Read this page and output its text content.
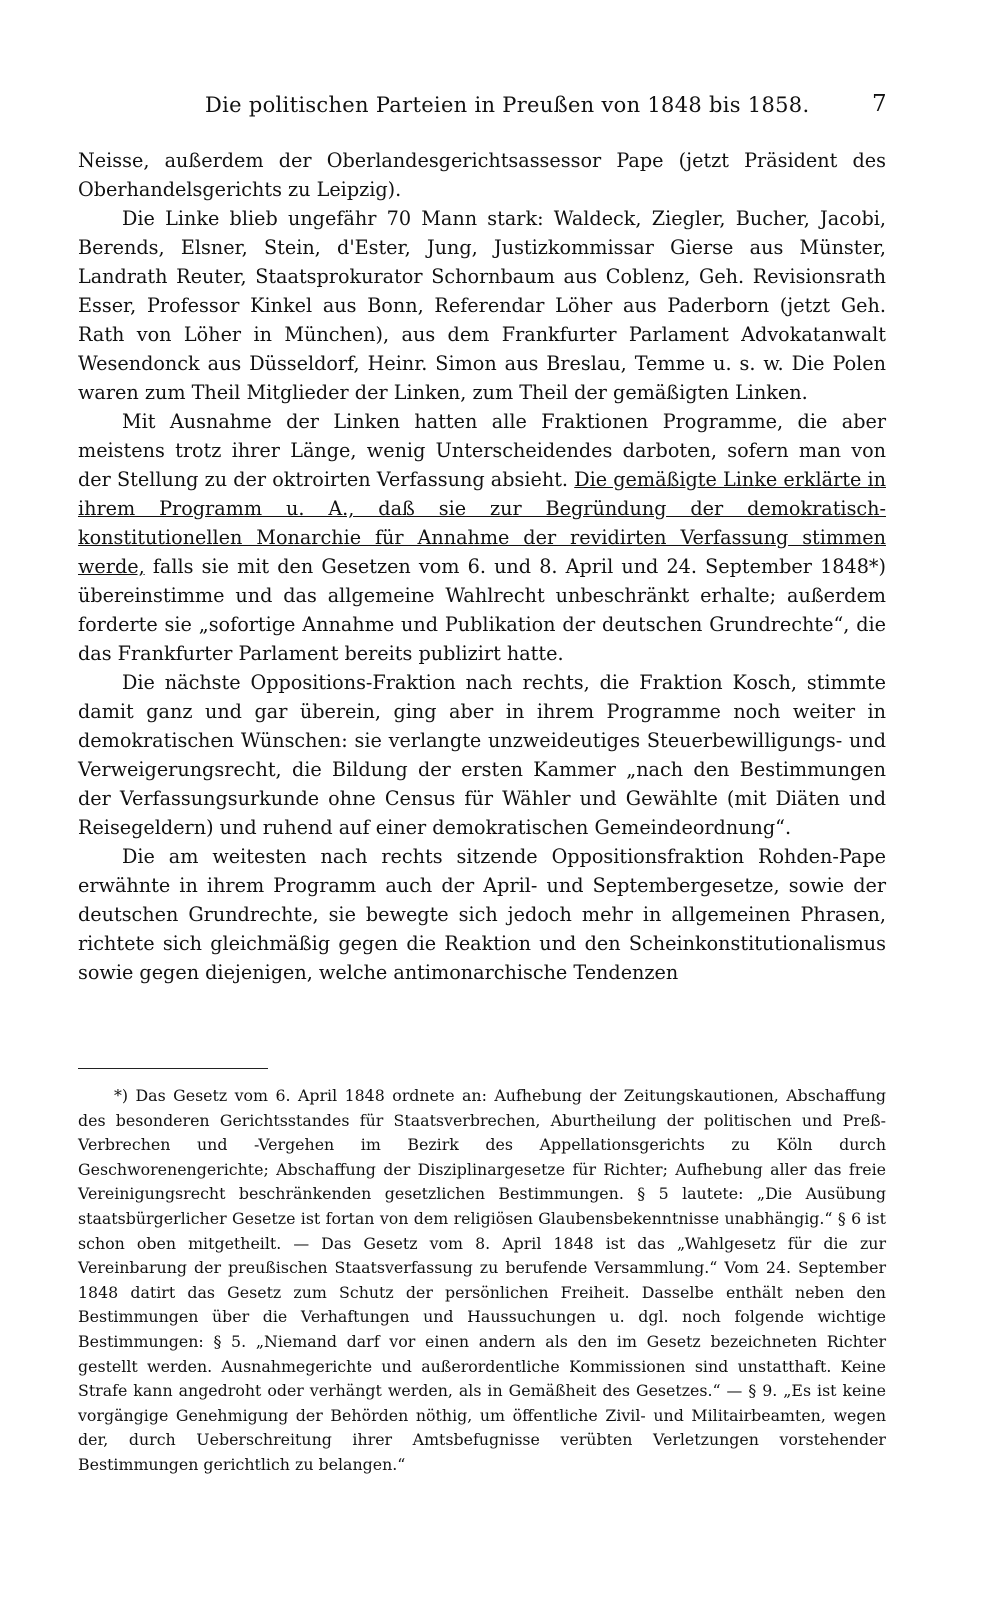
Die politischen Parteien in Preußen von 1848 bis 1858.	7

Neisse, außerdem der Oberlandesgerichtsassessor Pape (jetzt Präsident des Oberhandelsgerichts zu Leipzig).

Die Linke blieb ungefähr 70 Mann stark: Waldeck, Ziegler, Bucher, Jacobi, Berends, Elsner, Stein, d'Ester, Jung, Justizkommissar Gierse aus Münster, Landrath Reuter, Staatsprokurator Schornbaum aus Coblenz, Geh. Revisionsrath Esser, Professor Kinkel aus Bonn, Referendar Löher aus Paderborn (jetzt Geh. Rath von Löher in München), aus dem Frankfurter Parlament Advokatanwalt Wesendonck aus Düsseldorf, Heinr. Simon aus Breslau, Temme u. s. w. Die Polen waren zum Theil Mitglieder der Linken, zum Theil der gemäßigten Linken.

Mit Ausnahme der Linken hatten alle Fraktionen Programme, die aber meistens trotz ihrer Länge, wenig Unterscheidendes darboten, sofern man von der Stellung zu der oktroirten Verfassung absieht. Die gemäßigte Linke erklärte in ihrem Programm u. A., daß sie zur Begründung der demokratisch-konstitutionellen Monarchie für Annahme der revidirten Verfassung stimmen werde, falls sie mit den Gesetzen vom 6. und 8. April und 24. September 1848*) übereinstimme und das allgemeine Wahlrecht unbeschränkt erhalte; außerdem forderte sie „sofortige Annahme und Publikation der deutschen Grundrechte“, die das Frankfurter Parlament bereits publizirt hatte.

Die nächste Oppositions-Fraktion nach rechts, die Fraktion Kosch, stimmte damit ganz und gar überein, ging aber in ihrem Programme noch weiter in demokratischen Wünschen: sie verlangte unzweideutiges Steuerbewilligungs- und Verweigerungsrecht, die Bildung der ersten Kammer „nach den Bestimmungen der Verfassungsurkunde ohne Census für Wähler und Gewählte (mit Diäten und Reisegeldern) und ruhend auf einer demokratischen Gemeindeordnung“.

Die am weitesten nach rechts sitzende Oppositionsfraktion Rohden-Pape erwähnte in ihrem Programm auch der April- und Septembergesetze, sowie der deutschen Grundrechte, sie bewegte sich jedoch mehr in allgemeinen Phrasen, richtete sich gleichmäßig gegen die Reaktion und den Scheinkonstitutionalismus sowie gegen diejenigen, welche antimonarchische Tendenzen

*) Das Gesetz vom 6. April 1848 ordnete an: Aufhebung der Zeitungskautionen, Abschaffung des besonderen Gerichtsstandes für Staatsverbrechen, Aburtheilung der politischen und Preß-Verbrechen und -Vergehen im Bezirk des Appellationsgerichts zu Köln durch Geschworenengerichte; Abschaffung der Disziplinargesetze für Richter; Aufhebung aller das freie Vereinigungsrecht beschränkenden gesetzlichen Bestimmungen. § 5 lautete: „Die Ausübung staatsbürgerlicher Gesetze ist fortan von dem religiösen Glaubensbekenntnisse unabhängig.“ § 6 ist schon oben mitgetheilt. — Das Gesetz vom 8. April 1848 ist das „Wahlgesetz für die zur Vereinbarung der preußischen Staatsverfassung zu berufende Versammlung.“ Vom 24. September 1848 datirt das Gesetz zum Schutz der persönlichen Freiheit. Dasselbe enthält neben den Bestimmungen über die Verhaftungen und Haussuchungen u. dgl. noch folgende wichtige Bestimmungen: § 5. „Niemand darf vor einen andern als den im Gesetz bezeichneten Richter gestellt werden. Ausnahmegerichte und außerordentliche Kommissionen sind unstatthaft. Keine Strafe kann angedroht oder verhängt werden, als in Gemäßheit des Gesetzes.“ — § 9. „Es ist keine vorgängige Genehmigung der Behörden nöthig, um öffentliche Zivil- und Militairbeamten, wegen der, durch Ueberschreitung ihrer Amtsbefugnisse verübten Verletzungen vorstehender Bestimmungen gerichtlich zu belangen.“
